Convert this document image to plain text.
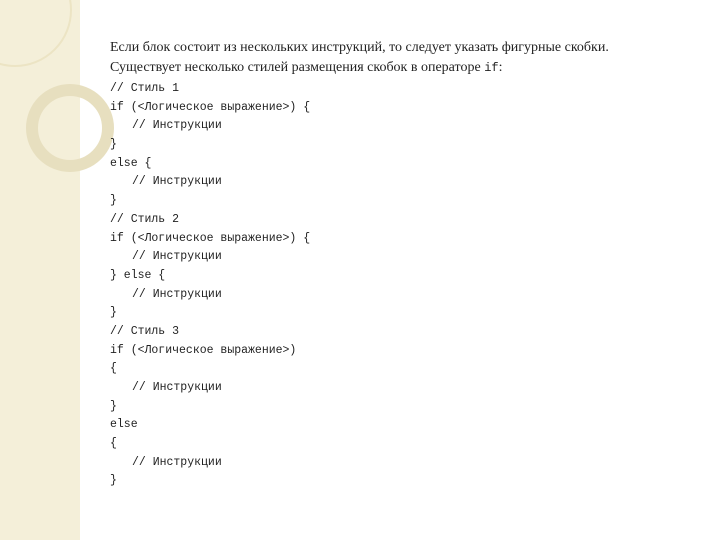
Если блок состоит из нескольких инструкций, то следует указать фигурные скобки.
Существует несколько стилей размещения скобок в операторе if:
// Стиль 1
if (<Логическое выражение>) {
// Инструкции
}
else {
// Инструкции
}
// Стиль 2
if (<Логическое выражение>) {
// Инструкции
} else {
// Инструкции
}
// Стиль 3
if (<Логическое выражение>)
{
// Инструкции
}
else
{
// Инструкции
}
